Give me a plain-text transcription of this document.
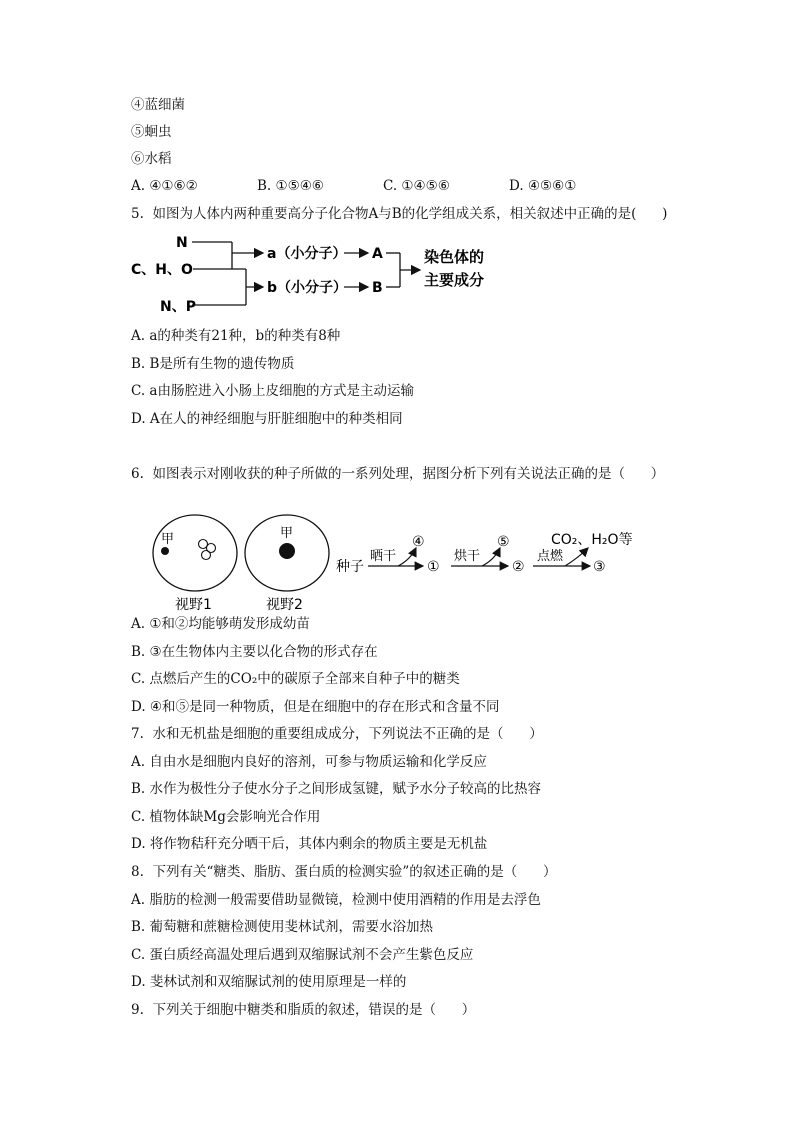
④蓝细菌
⑤蛔虫
⑥水稻
A. ④①⑥②	B. ①⑤④⑥	C. ①④⑤⑥	D. ④⑤⑥①
5.  如图为人体内两种重要高分子化合物A与B的化学组成关系，相关叙述中正确的是(      )
N
C、H、O
N、P
a（小分子）
b（小分子）
A
B
染色体的
主要成分
A. a的种类有21种，b的种类有8种
B. B是所有生物的遗传物质
C. a由肠腔进入小肠上皮细胞的方式是主动运输
D. A在人的神经细胞与肝脏细胞中的种类相同
6.  如图表示对刚收获的种子所做的一系列处理，据图分析下列有关说法正确的是（      ）
甲
视野1
甲
视野2
种子
晒干
④
①
烘干
⑤
②
点燃
CO₂、H₂O等
③
A. ①和②均能够萌发形成幼苗
B. ③在生物体内主要以化合物的形式存在
C. 点燃后产生的CO₂中的碳原子全部来自种子中的糖类
D. ④和⑤是同一种物质，但是在细胞中的存在形式和含量不同
7.  水和无机盐是细胞的重要组成成分，下列说法不正确的是（      ）
A. 自由水是细胞内良好的溶剂，可参与物质运输和化学反应
B. 水作为极性分子使水分子之间形成氢键，赋予水分子较高的比热容
C. 植物体缺Mg会影响光合作用
D. 将作物秸秆充分晒干后，其体内剩余的物质主要是无机盐
8.  下列有关“糖类、脂肪、蛋白质的检测实验”的叙述正确的是（      ）
A. 脂肪的检测一般需要借助显微镜，检测中使用酒精的作用是去浮色
B. 葡萄糖和蔗糖检测使用斐林试剂，需要水浴加热
C. 蛋白质经高温处理后遇到双缩脲试剂不会产生紫色反应
D. 斐林试剂和双缩脲试剂的使用原理是一样的
9.  下列关于细胞中糖类和脂质的叙述，错误的是（      ）
